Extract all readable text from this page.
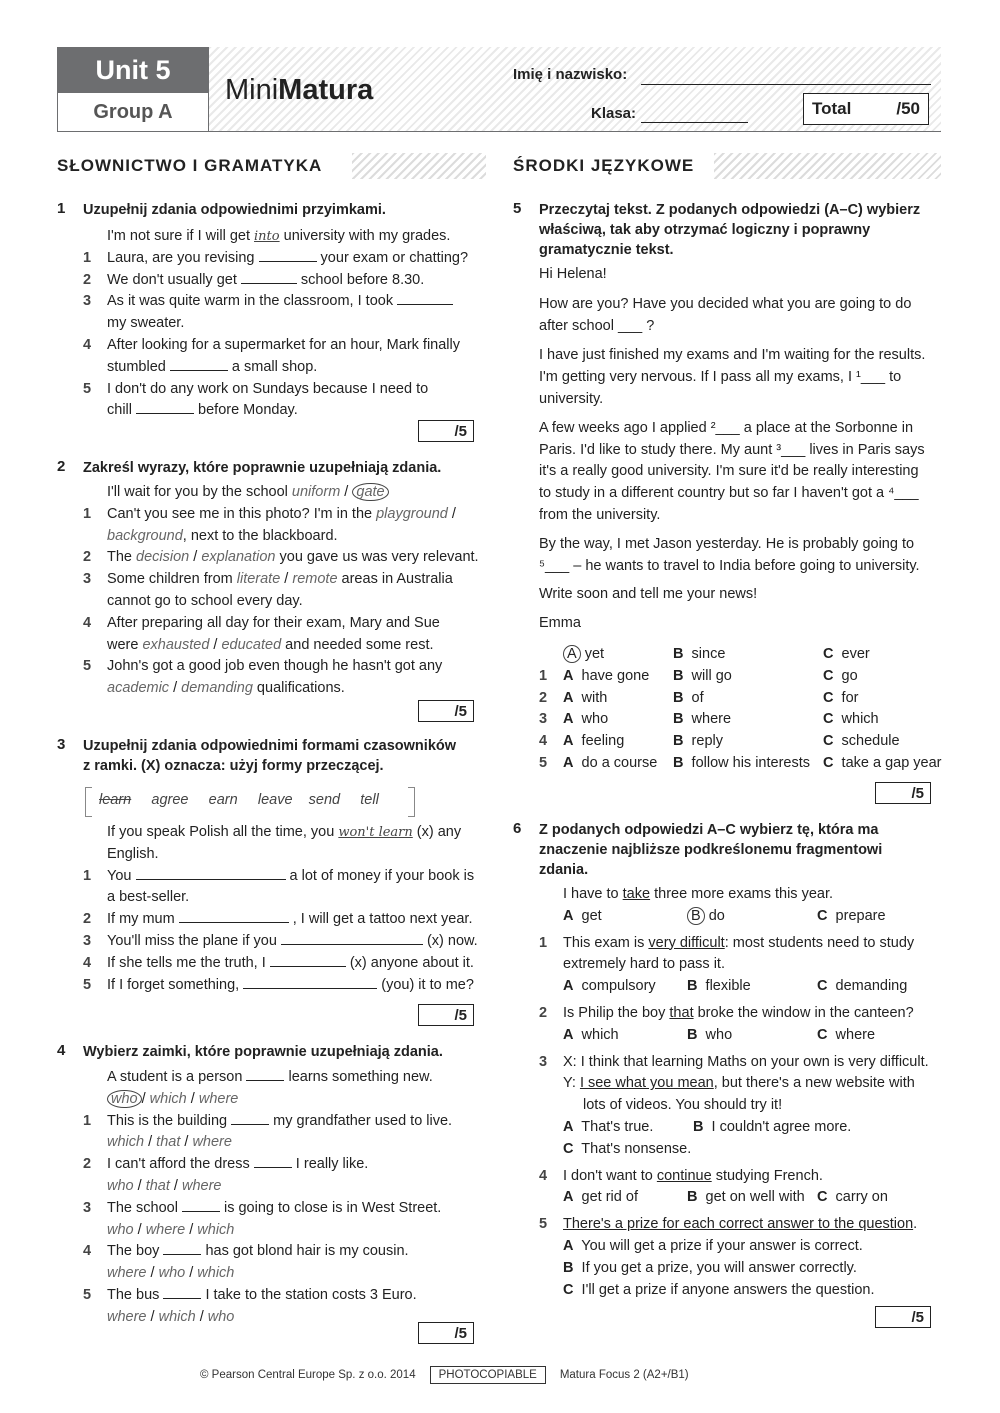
Unit 5
Group A
MiniMatura	Imię i nazwisko:
Klasa:	Total	/50
SŁOWNICTWO I GRAMATYKA	ŚRODKI JĘZYKOWE
1 Uzupełnij zdania odpowiednimi przyimkami.
I'm not sure if I will get into university with my grades.
1 Laura, are you revising	your exam or chatting?
2 We don't usually get	school before 8.30.
3 As it was quite warm in the classroom, I took
my sweater.
4 After looking for a supermarket for an hour, Mark finally
stumbled	a small shop.
5 I don't do any work on Sundays because I need to
chill	before Monday.
/5
2 Zakreśl wyrazy, które poprawnie uzupełniają zdania.
I'll wait for you by the school uniform / gate
1 Can't you see me in this photo? I'm in the playground /
background, next to the blackboard.
2 The decision / explanation you gave us was very relevant.
3 Some children from literate / remote areas in Australia
cannot go to school every day.
4 After preparing all day for their exam, Mary and Sue
were exhausted / educated and needed some rest.
5 John's got a good job even though he hasn't got any
academic / demanding qualifications.
/5
3 Uzupełnij zdania odpowiednimi formami czasowników
z ramki. (X) oznacza: użyj formy przeczącej.
learn agree earn leave send tell
If you speak Polish all the time, you won't learn (x) any
English.
1 You	a lot of money if your book is
a best-seller.
2 If my mum	, I will get a tattoo next year.
3 You'll miss the plane if you	(x) now.
4 If she tells me the truth, I	(x) anyone about it.
5 If I forget something,	(you) it to me?
/5
4 Wybierz zaimki, które poprawnie uzupełniają zdania.
A student is a person	learns something new.
who / which / where
1 This is the building	my grandfather used to live.
which / that / where
2 I can't afford the dress	I really like.
who / that / where
3 The school	is going to close is in West Street.
who / where / which
4 The boy	has got blond hair is my cousin.
where / who / which
5 The bus	I take to the station costs 3 Euro.
where / which / who
/5
5 Przeczytaj tekst. Z podanych odpowiedzi (A–C) wybierz
właściwą, tak aby otrzymać logiczny i poprawny
gramatycznie tekst.
Hi Helena!
How are you? Have you decided what you are going to do
after school ___ ?
I have just finished my exams and I'm waiting for the results.
I'm getting very nervous. If I pass all my exams, I ¹___ to
university.
A few weeks ago I applied ²___ a place at the Sorbonne in
Paris. I'd like to study there. My aunt ³___ lives in Paris says
it's a really good university. I'm sure it'd be really interesting
to study in a different country but so far I haven't got a ⁴___
from the university.
By the way, I met Jason yesterday. He is probably going to
⁵___ – he wants to travel to India before going to university.
Write soon and tell me your news!
Emma
A yet	B since	C ever
1	A have gone	B will go	C go
2	A with	B of	C for
3	A who	B where	C which
4	A feeling	B reply	C schedule
5	A do a course	B follow his interests C take a gap year
/5
6 Z podanych odpowiedzi A–C wybierz tę, która ma
znaczenie najbliższe podkreślonemu fragmentowi
zdania.
I have to take three more exams this year.
A get	B do	C prepare
1 This exam is very difficult: most students need to study
extremely hard to pass it.
A compulsory	B flexible	C demanding
2 Is Philip the boy that broke the window in the canteen?
A which	B who	C where
3 X: I think that learning Maths on your own is very difficult.
Y: I see what you mean, but there's a new website with
lots of videos. You should try it!
A That's true.	B I couldn't agree more.
C That's nonsense.
4 I don't want to continue studying French.
A get rid of	B get on well with C carry on
5 There's a prize for each correct answer to the question.
A You will get a prize if your answer is correct.
B If you get a prize, you will answer correctly.
C I'll get a prize if anyone answers the question.
/5
© Pearson Central Europe Sp. z o.o. 2014	PHOTOCOPIABLE	Matura Focus 2 (A2+/B1)
